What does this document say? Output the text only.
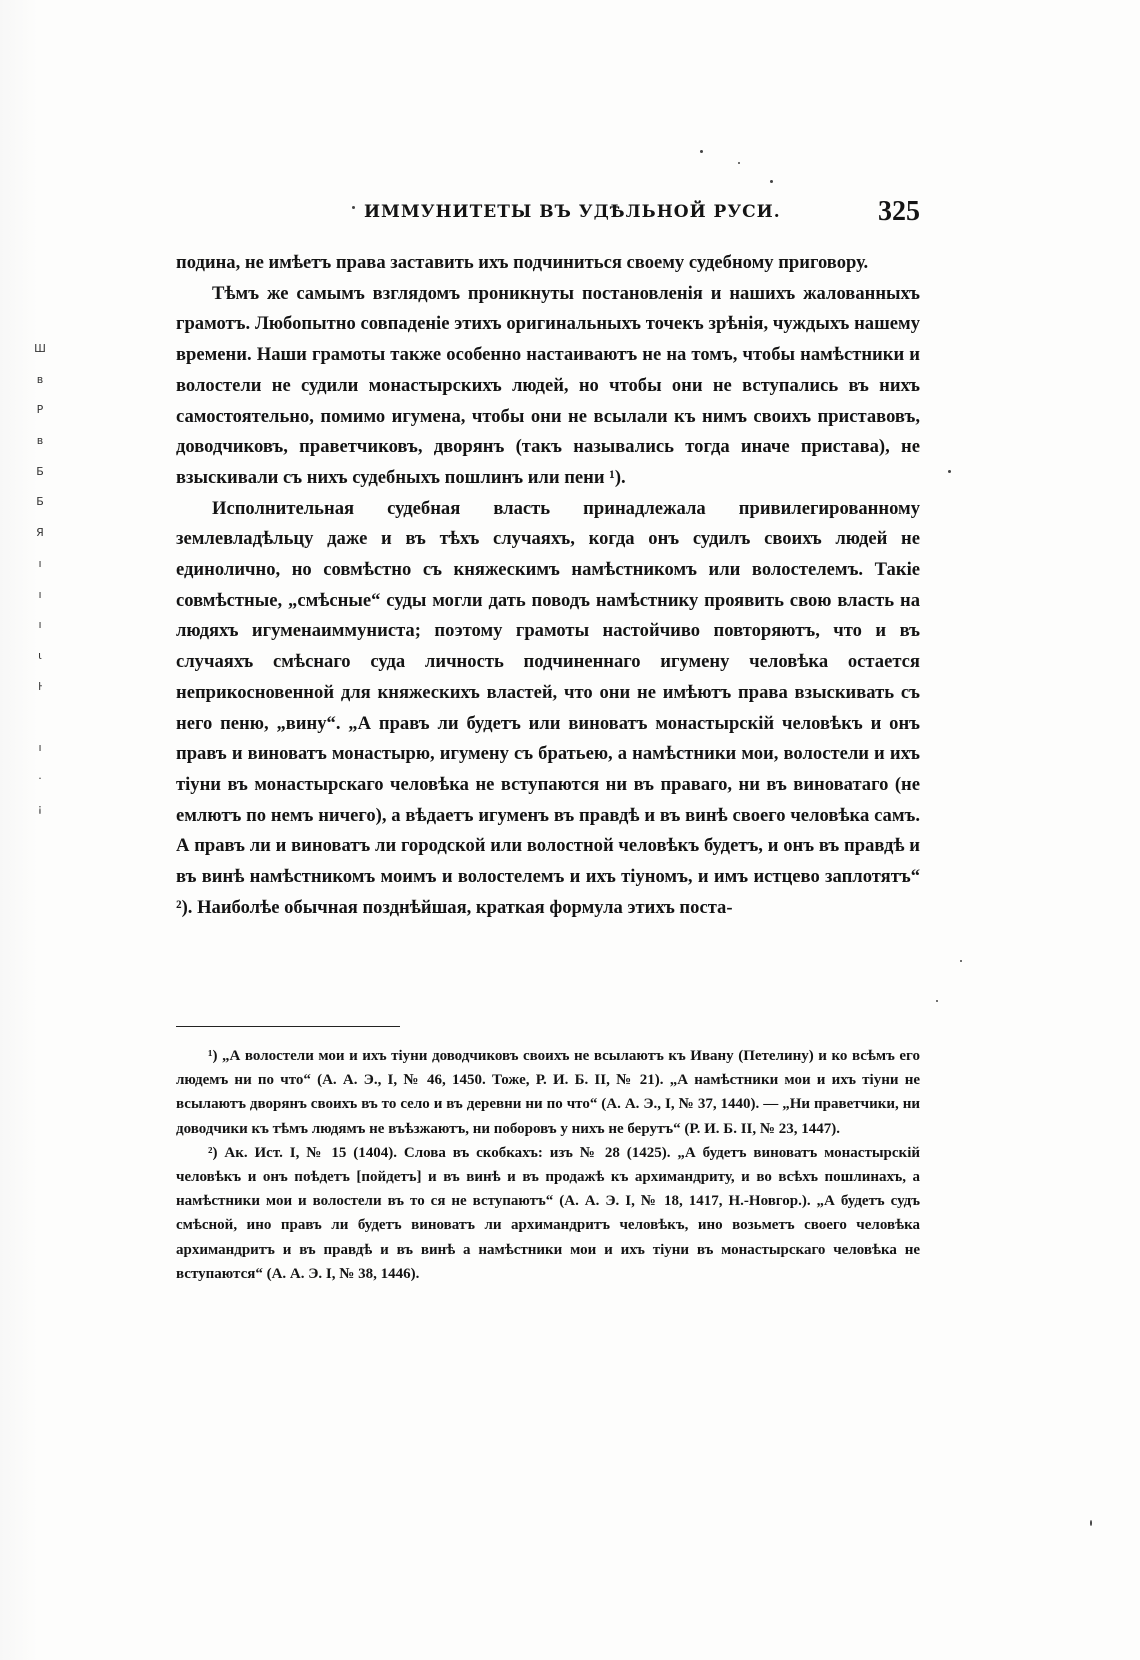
Ш
в
Р
в
Б
Б
Я
ı
ı
ı
ι
ŀ
ı
·
¡
ИММУНИТЕТЫ ВЪ УДѢЛЬНОЙ РУСИ.	325

подина, не имѣетъ права заставить ихъ подчиниться своему судебному приговору.

Тѣмъ же самымъ взглядомъ проникнуты постановленія и нашихъ жалованныхъ грамотъ. Любопытно совпаденіе этихъ оригинальныхъ точекъ зрѣнія, чуждыхъ нашему времени. Наши грамоты также особенно настаиваютъ не на томъ, чтобы намѣстники и волостели не судили монастырскихъ людей, но чтобы они не вступались въ нихъ самостоятельно, помимо игумена, чтобы они не всылали къ нимъ своихъ приставовъ, доводчиковъ, праветчиковъ, дворянъ (такъ назывались тогда иначе пристава), не взыскивали съ нихъ судебныхъ пошлинъ или пени ¹).

Исполнительная судебная власть принадлежала привилегированному землевладѣльцу даже и въ тѣхъ случаяхъ, когда онъ судилъ своихъ людей не единолично, но совмѣстно съ княжескимъ намѣстникомъ или волостелемъ. Такіе совмѣстные, „смѣсные“ суды могли дать поводъ намѣстнику проявить свою власть на людяхъ игуменаиммуниста; поэтому грамоты настойчиво повторяютъ, что и въ случаяхъ смѣснаго суда личность подчиненнаго игумену человѣка остается неприкосновенной для княжескихъ властей, что они не имѣютъ права взыскивать съ него пеню, „вину“. „А правъ ли будетъ или виноватъ монастырскій человѣкъ и онъ правъ и виноватъ монастырю, игумену съ братьею, а намѣстники мои, волостели и ихъ тіуни въ монастырскаго человѣка не вступаются ни въ праваго, ни въ виноватаго (не емлютъ по немъ ничего), а вѣдаетъ игуменъ въ правдѣ и въ винѣ своего человѣка самъ. А правъ ли и виноватъ ли городской или волостной человѣкъ будетъ, и онъ въ правдѣ и въ винѣ намѣстникомъ моимъ и волостелемъ и ихъ тіуномъ, и имъ истцево заплотятъ“ ²). Наиболѣе обычная позднѣйшая, краткая формула этихъ поста-

¹) „А волостели мои и ихъ тіуни доводчиковъ своихъ не всылаютъ къ Ивану (Петелину) и ко всѣмъ его людемъ ни по что“ (А. А. Э., I, № 46, 1450. Тоже, Р. И. Б. II, № 21). „А намѣстники мои и ихъ тіуни не всылаютъ дворянъ своихъ въ то село и въ деревни ни по что“ (А. А. Э., I, № 37, 1440). — „Ни праветчики, ни доводчики къ тѣмъ людямъ не въѣзжаютъ, ни поборовъ у нихъ не берутъ“ (Р. И. Б. II, № 23, 1447).

²) Ак. Ист. I, № 15 (1404). Слова въ скобкахъ: изъ № 28 (1425). „А будетъ виноватъ монастырскій человѣкъ и онъ поѣдетъ [пойдетъ] и въ винѣ и въ продажѣ къ архимандриту, и во всѣхъ пошлинахъ, а намѣстники мои и волостели въ то ся не вступаютъ“ (А. А. Э. I, № 18, 1417, Н.-Новгор.). „А будетъ судъ смѣсной, ино правъ ли будетъ виноватъ ли архимандритъ человѣкъ, ино возьметъ своего человѣка архимандритъ и въ правдѣ и въ винѣ а намѣстники мои и ихъ тіуни въ монастырскаго человѣка не вступаются“ (А. А. Э. I, № 38, 1446).
